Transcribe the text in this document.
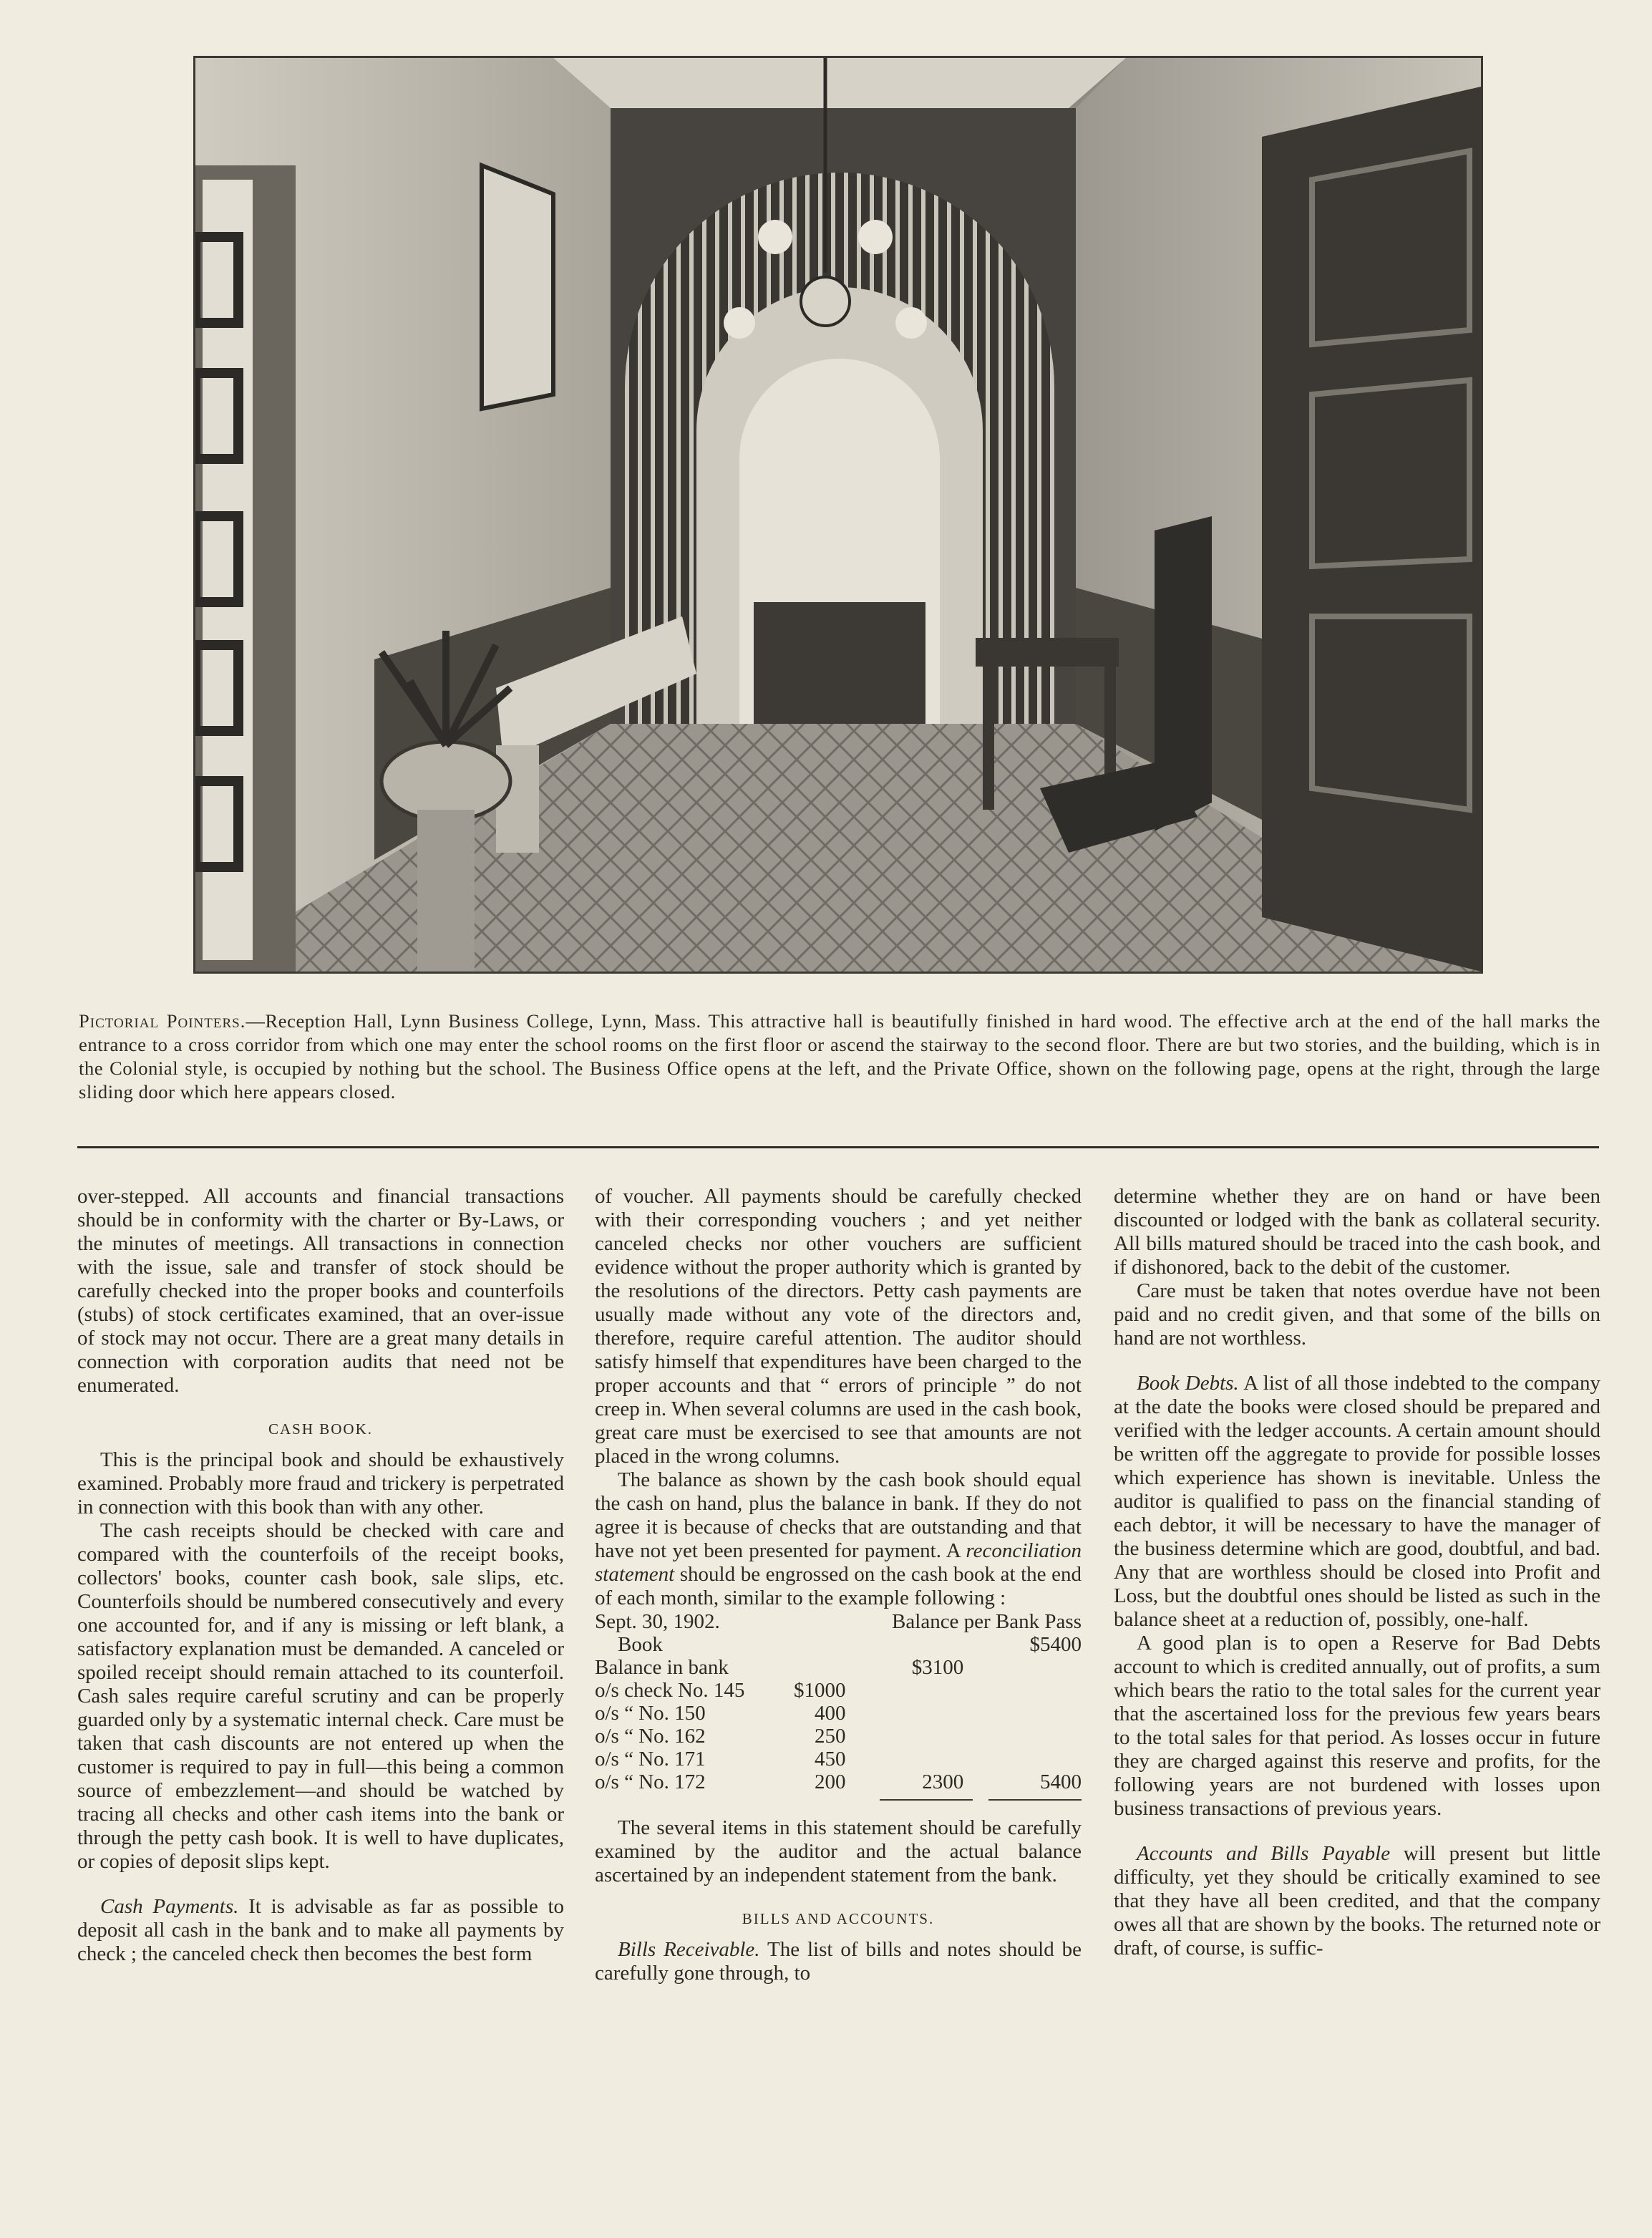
Pictorial Pointers.—Reception Hall, Lynn Business College, Lynn, Mass. This attractive hall is beautifully finished in hard wood. The effective arch at the end of the hall marks the entrance to a cross corridor from which one may enter the school rooms on the first floor or ascend the stairway to the second floor. There are but two stories, and the building, which is in the Colonial style, is occupied by nothing but the school. The Business Office opens at the left, and the Private Office, shown on the following page, opens at the right, through the large sliding door which here appears closed.

over-stepped. All accounts and financial transactions should be in conformity with the charter or By-Laws, or the minutes of meetings. All transactions in connection with the issue, sale and transfer of stock should be carefully checked into the proper books and counterfoils (stubs) of stock certificates examined, that an over-issue of stock may not occur. There are a great many details in connection with corporation audits that need not be enumerated.

CASH BOOK.

This is the principal book and should be exhaustively examined. Probably more fraud and trickery is perpetrated in connection with this book than with any other.

The cash receipts should be checked with care and compared with the counterfoils of the receipt books, collectors' books, counter cash book, sale slips, etc. Counterfoils should be numbered consecutively and every one accounted for, and if any is missing or left blank, a satisfactory explanation must be demanded. A canceled or spoiled receipt should remain attached to its counterfoil. Cash sales require careful scrutiny and can be properly guarded only by a systematic internal check. Care must be taken that cash discounts are not entered up when the customer is required to pay in full—this being a common source of embezzlement—and should be watched by tracing all checks and other cash items into the bank or through the petty cash book. It is well to have duplicates, or copies of deposit slips kept.

Cash Payments. It is advisable as far as possible to deposit all cash in the bank and to make all payments by check ; the canceled check then becomes the best form

of voucher. All payments should be carefully checked with their corresponding vouchers ; and yet neither canceled checks nor other vouchers are sufficient evidence without the proper authority which is granted by the resolutions of the directors. Petty cash payments are usually made without any vote of the directors and, therefore, require careful attention. The auditor should satisfy himself that expenditures have been charged to the proper accounts and that “ errors of principle ” do not creep in. When several columns are used in the cash book, great care must be exercised to see that amounts are not placed in the wrong columns.

The balance as shown by the cash book should equal the cash on hand, plus the balance in bank. If they do not agree it is because of checks that are outstanding and that have not yet been presented for payment. A reconciliation statement should be engrossed on the cash book at the end of each month, similar to the example following :

Sept. 30, 1902.		Balance per Bank Pass	
Book			$5400
Balance in bank		$3100	
o/s check No. 145	$1000		
o/s “ No. 150	400		
o/s “ No. 162	250		
o/s “ No. 171	450		
o/s “ No. 172	200	2300	5400

The several items in this statement should be carefully examined by the auditor and the actual balance ascertained by an independent statement from the bank.

BILLS AND ACCOUNTS.

Bills Receivable. The list of bills and notes should be carefully gone through, to

determine whether they are on hand or have been discounted or lodged with the bank as collateral security. All bills matured should be traced into the cash book, and if dishonored, back to the debit of the customer.

Care must be taken that notes overdue have not been paid and no credit given, and that some of the bills on hand are not worthless.

Book Debts. A list of all those indebted to the company at the date the books were closed should be prepared and verified with the ledger accounts. A certain amount should be written off the aggregate to provide for possible losses which experience has shown is inevitable. Unless the auditor is qualified to pass on the financial standing of each debtor, it will be necessary to have the manager of the business determine which are good, doubtful, and bad. Any that are worthless should be closed into Profit and Loss, but the doubtful ones should be listed as such in the balance sheet at a reduction of, possibly, one-half.

A good plan is to open a Reserve for Bad Debts account to which is credited annually, out of profits, a sum which bears the ratio to the total sales for the current year that the ascertained loss for the previous few years bears to the total sales for that period. As losses occur in future they are charged against this reserve and profits, for the following years are not burdened with losses upon business transactions of previous years.

Accounts and Bills Payable will present but little difficulty, yet they should be critically examined to see that they have all been credited, and that the company owes all that are shown by the books. The returned note or draft, of course, is suffic-
